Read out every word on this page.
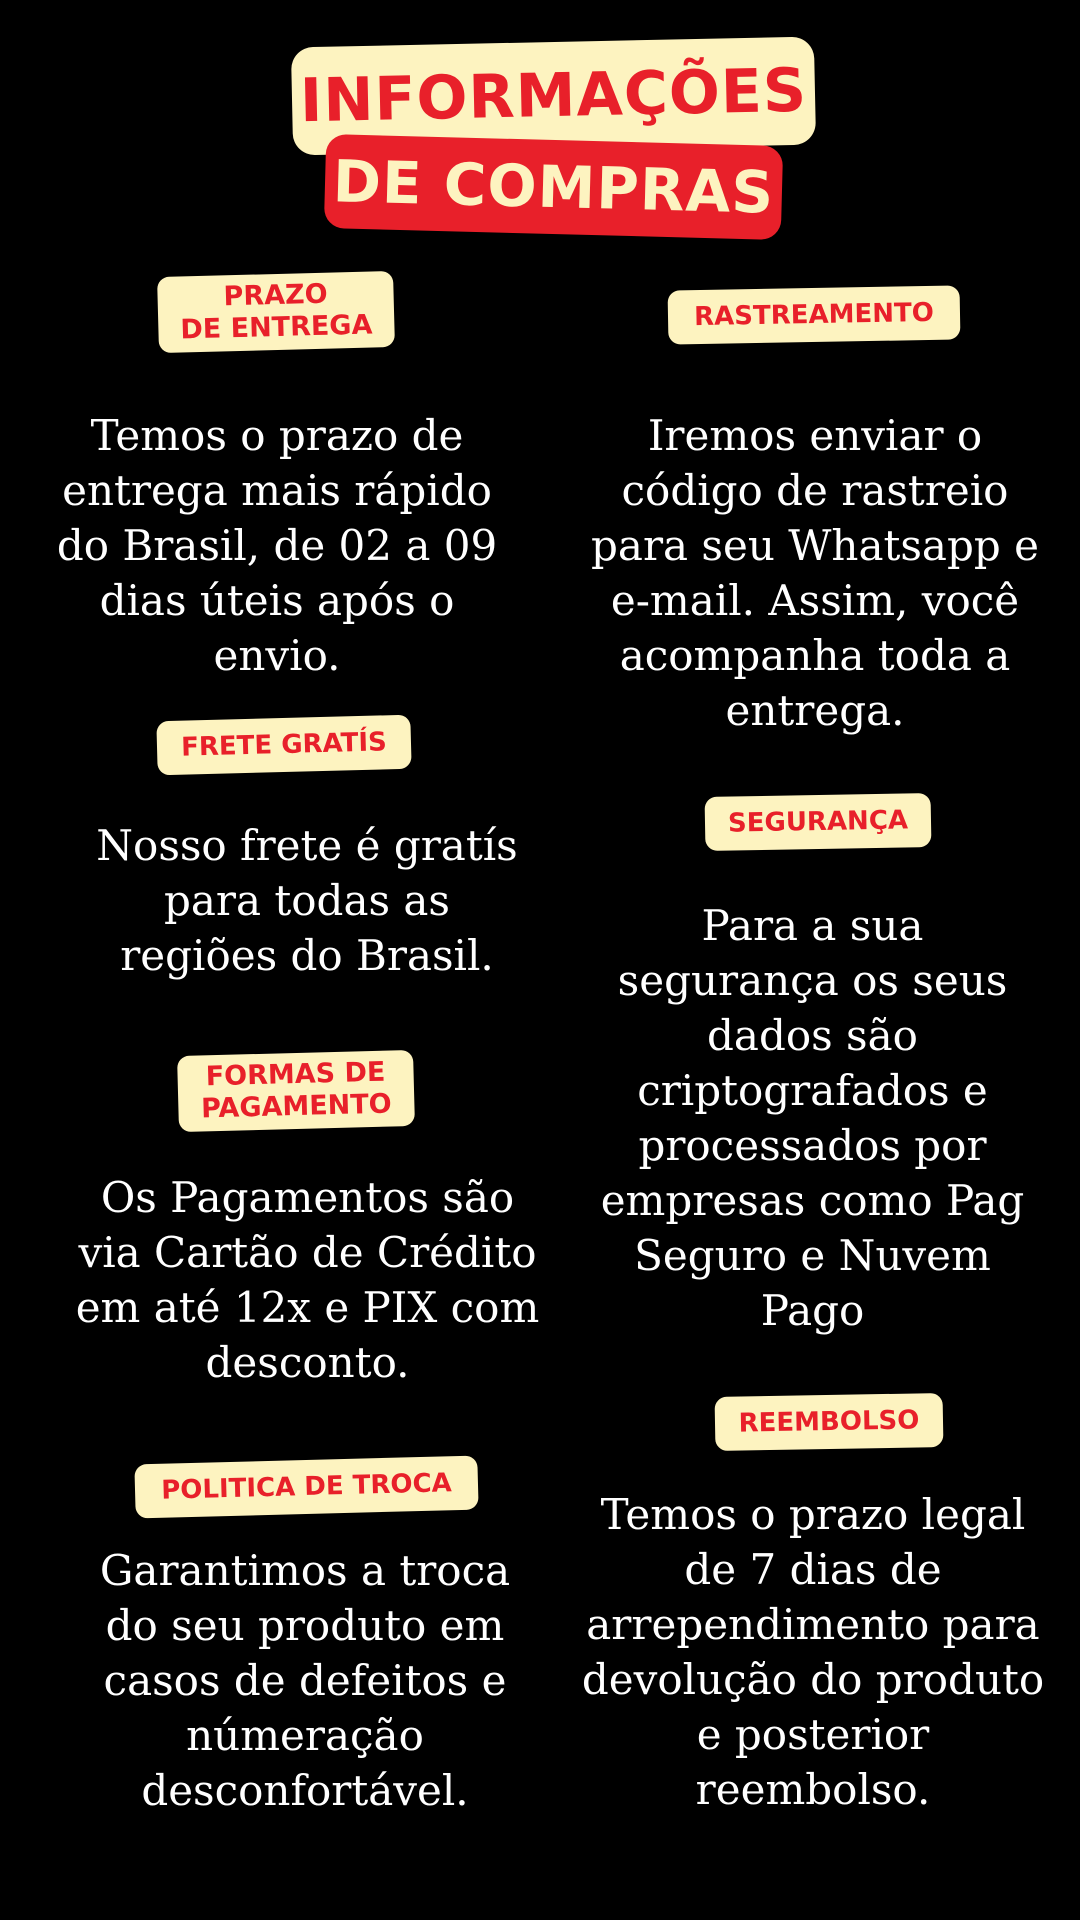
INFORMAÇÕES
DE COMPRAS
PRAZO
DE ENTREGA

Temos o prazo de entrega mais rápido do Brasil, de 02 a 09 dias úteis após o envio.

RASTREAMENTO

Iremos enviar o código de rastreio para seu Whatsapp e e-mail. Assim, você acompanha toda a entrega.

FRETE GRATÍS

Nosso frete é gratís para todas as regiões do Brasil.

SEGURANÇA

Para a sua segurança os seus dados são criptografados e processados por empresas como Pag Seguro e Nuvem Pago

FORMAS DE
PAGAMENTO

Os Pagamentos são via Cartão de Crédito em até 12x e PIX com desconto.

REEMBOLSO

Temos o prazo legal de 7 dias de arrependimento para devolução do produto e posterior reembolso.

POLITICA DE TROCA

Garantimos a troca do seu produto em casos de defeitos e númeração desconfortável.
